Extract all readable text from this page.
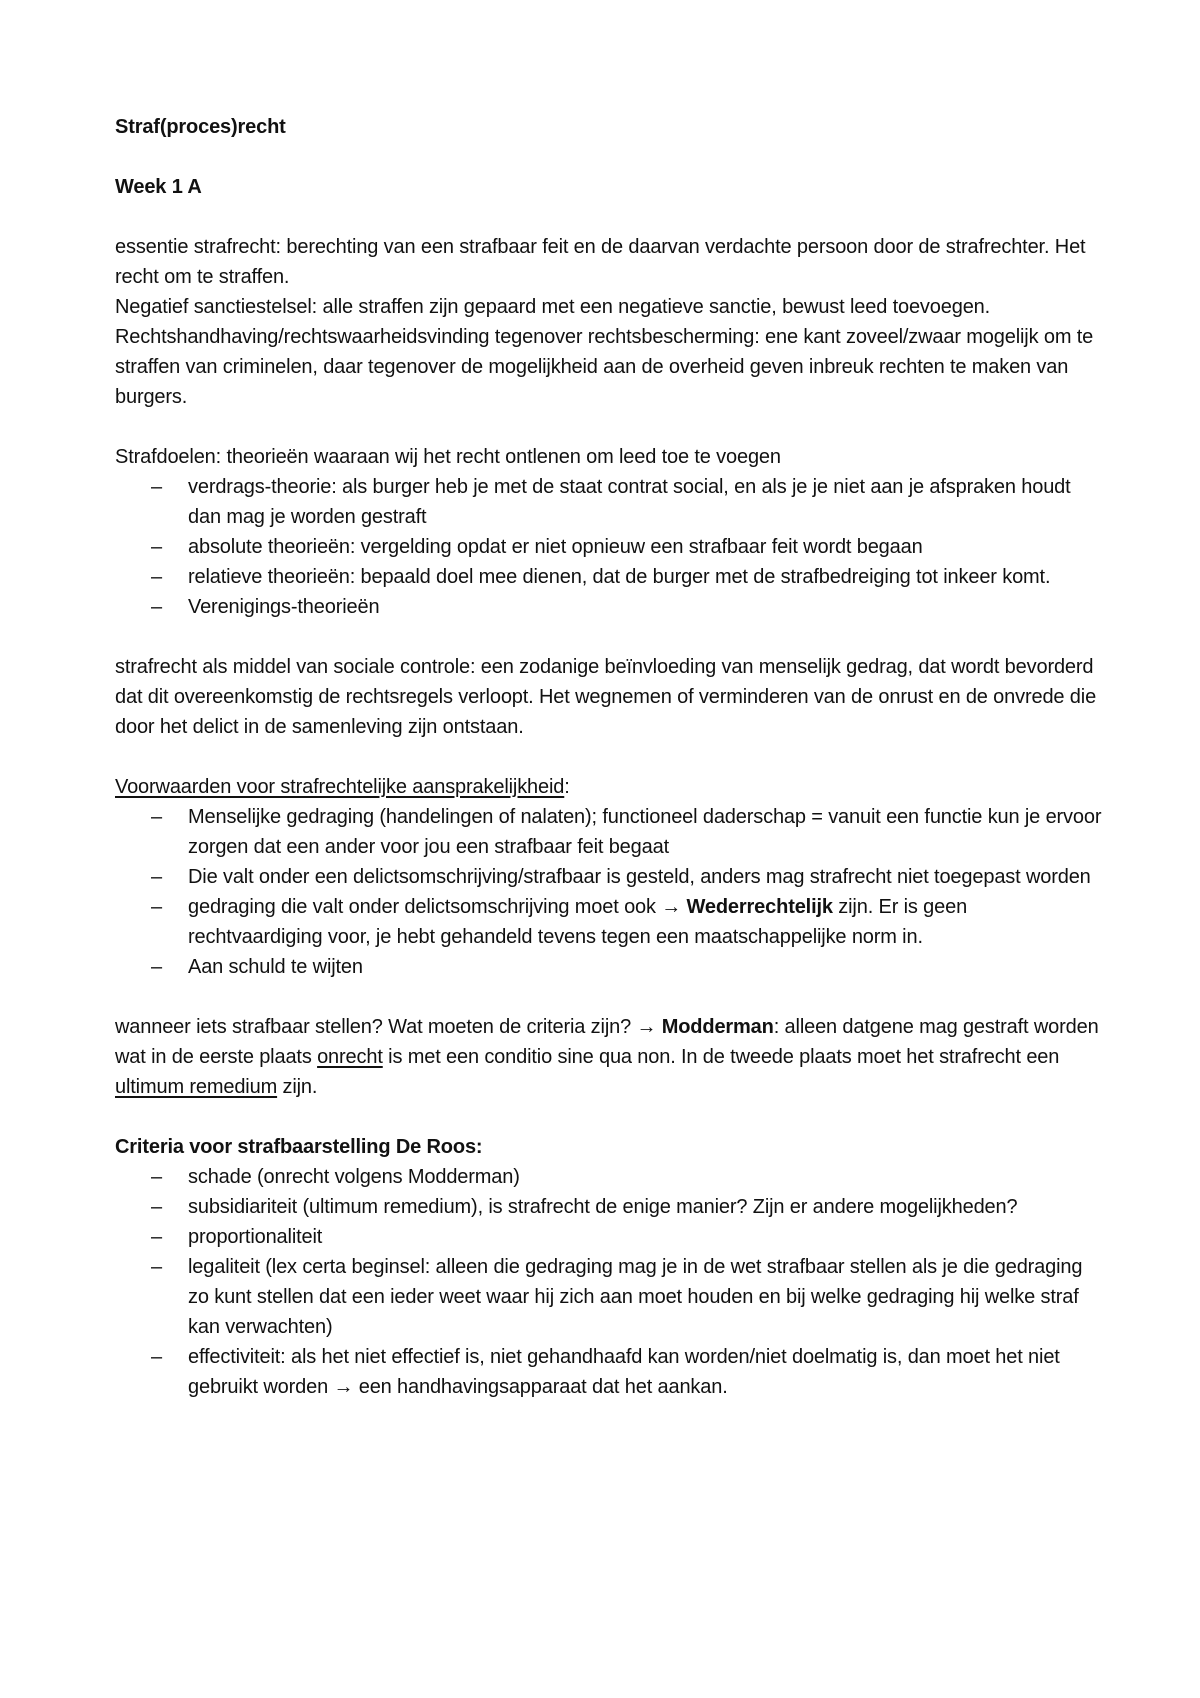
Straf(proces)recht

Week 1 A

essentie strafrecht: berechting van een strafbaar feit en de daarvan verdachte persoon door de strafrechter. Het recht om te straffen.

Negatief sanctiestelsel: alle straffen zijn gepaard met een negatieve sanctie, bewust leed toevoegen.

Rechtshandhaving/rechtswaarheidsvinding tegenover rechtsbescherming: ene kant zoveel/zwaar mogelijk om te straffen van criminelen, daar tegenover de mogelijkheid aan de overheid geven inbreuk rechten te maken van burgers.

Strafdoelen: theorieën waaraan wij het recht ontlenen om leed toe te voegen

– verdrags-theorie: als burger heb je met de staat contrat social, en als je je niet aan je afspraken houdt dan mag je worden gestraft
– absolute theorieën: vergelding opdat er niet opnieuw een strafbaar feit wordt begaan
– relatieve theorieën: bepaald doel mee dienen, dat de burger met de strafbedreiging tot inkeer komt.
– Verenigings-theorieën

strafrecht als middel van sociale controle: een zodanige beïnvloeding van menselijk gedrag, dat wordt bevorderd dat dit overeenkomstig de rechtsregels verloopt. Het wegnemen of verminderen van de onrust en de onvrede die door het delict in de samenleving zijn ontstaan.

Voorwaarden voor strafrechtelijke aansprakelijkheid:

– Menselijke gedraging (handelingen of nalaten); functioneel daderschap = vanuit een functie kun je ervoor zorgen dat een ander voor jou een strafbaar feit begaat
– Die valt onder een delictsomschrijving/strafbaar is gesteld, anders mag strafrecht niet toegepast worden
– gedraging die valt onder delictsomschrijving moet ook → Wederrechtelijk zijn. Er is geen rechtvaardiging voor, je hebt gehandeld tevens tegen een maatschappelijke norm in.
– Aan schuld te wijten

wanneer iets strafbaar stellen? Wat moeten de criteria zijn? → Modderman: alleen datgene mag gestraft worden wat in de eerste plaats onrecht is met een conditio sine qua non. In de tweede plaats moet het strafrecht een ultimum remedium zijn.

Criteria voor strafbaarstelling De Roos:

– schade (onrecht volgens Modderman)
– subsidiariteit (ultimum remedium), is strafrecht de enige manier? Zijn er andere mogelijkheden?
– proportionaliteit
– legaliteit (lex certa beginsel: alleen die gedraging mag je in de wet strafbaar stellen als je die gedraging zo kunt stellen dat een ieder weet waar hij zich aan moet houden en bij welke gedraging hij welke straf kan verwachten)
– effectiviteit: als het niet effectief is, niet gehandhaafd kan worden/niet doelmatig is, dan moet het niet gebruikt worden → een handhavingsapparaat dat het aankan.
